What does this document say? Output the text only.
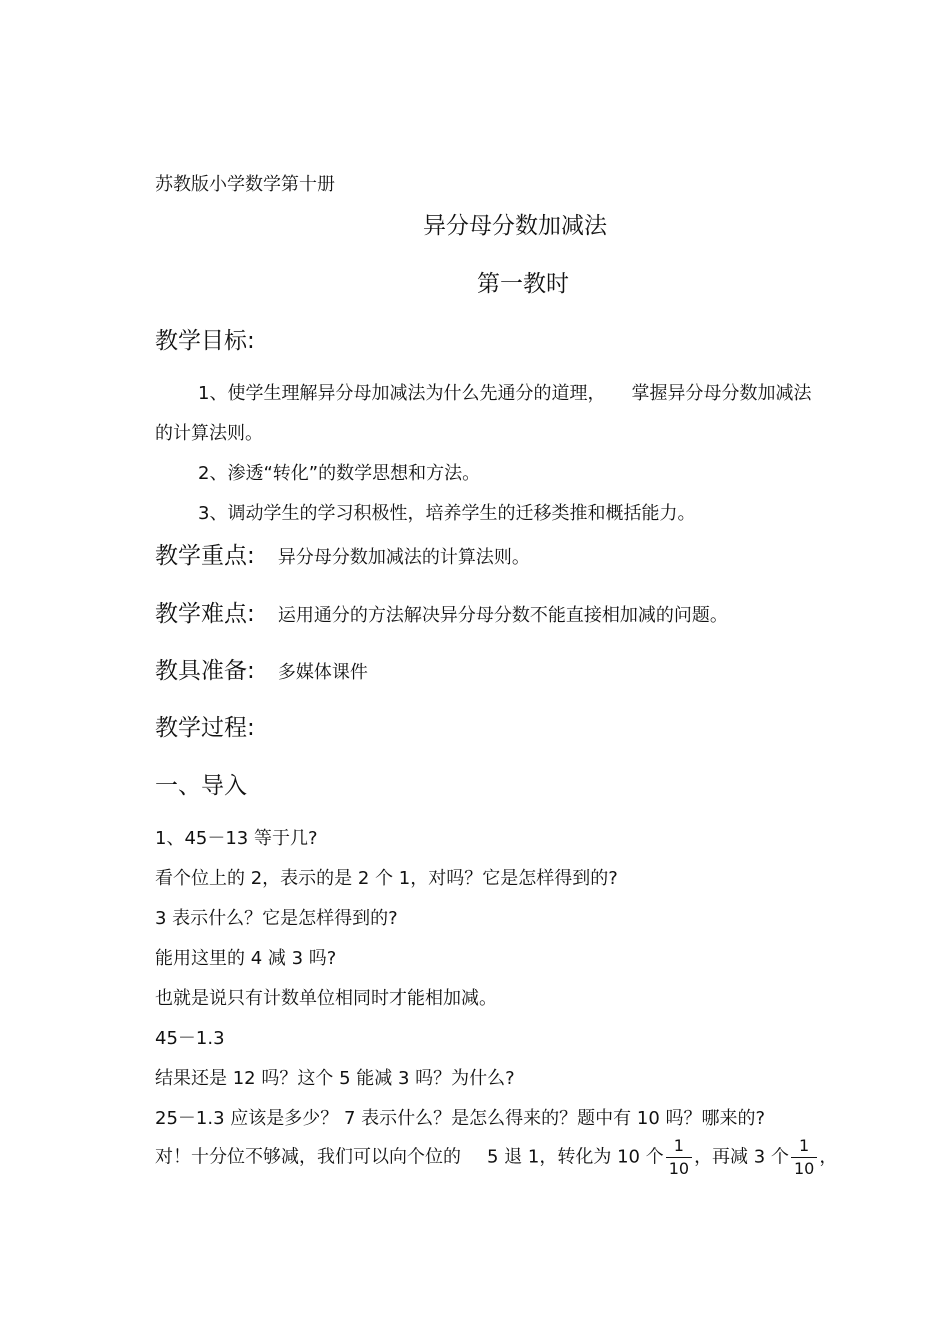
苏教版小学数学第十册
异分母分数加减法
第一教时
教学目标:
1、使学生理解异分母加减法为什么先通分的道理， 掌握异分母分数加减法
的计算法则。
2、渗透“转化”的数学思想和方法。
3、调动学生的学习积极性，培养学生的迁移类推和概括能力。
教学重点: 异分母分数加减法的计算法则。
教学难点: 运用通分的方法解决异分母分数不能直接相加减的问题。
教具准备: 多媒体课件
教学过程:
一、导入
1、45－13 等于几?
看个位上的 2，表示的是 2 个 1，对吗？它是怎样得到的?
3 表示什么？它是怎样得到的?
能用这里的 4 减 3 吗?
也就是说只有计数单位相同时才能相加减。
45－1.3
结果还是 12 吗？这个 5 能减 3 吗？为什么?
25－1.3 应该是多少？ 7 表示什么？是怎么得来的？题中有 10 吗？哪来的?
对！十分位不够减，我们可以向个位的 5 退 1，转化为 10 个 $\frac{1}{10}$ ，再减 3 个 $\frac{1}{10}$ ，
